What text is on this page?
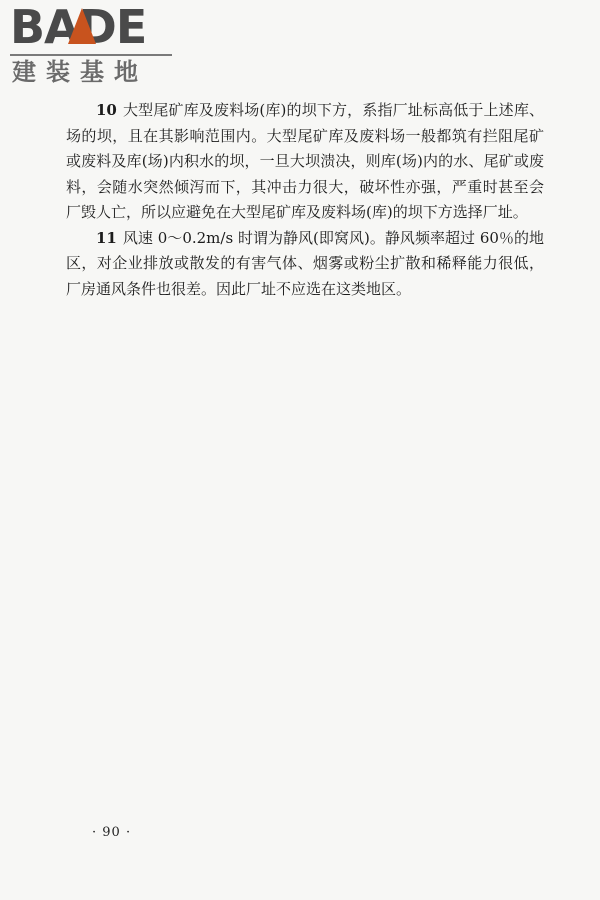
BADE
建装基地

10 大型尾矿库及废料场(库)的坝下方，系指厂址标高低于上述库、场的坝，且在其影响范围内。大型尾矿库及废料场一般都筑有拦阻尾矿或废料及库(场)内积水的坝，一旦大坝溃决，则库(场)内的水、尾矿或废料，会随水突然倾泻而下，其冲击力很大，破坏性亦强，严重时甚至会厂毁人亡，所以应避免在大型尾矿库及废料场(库)的坝下方选择厂址。

11 风速 0～0.2m/s 时谓为静风(即窝风)。静风频率超过 60％的地区，对企业排放或散发的有害气体、烟雾或粉尘扩散和稀释能力很低，厂房通风条件也很差。因此厂址不应选在这类地区。

· 90 ·
